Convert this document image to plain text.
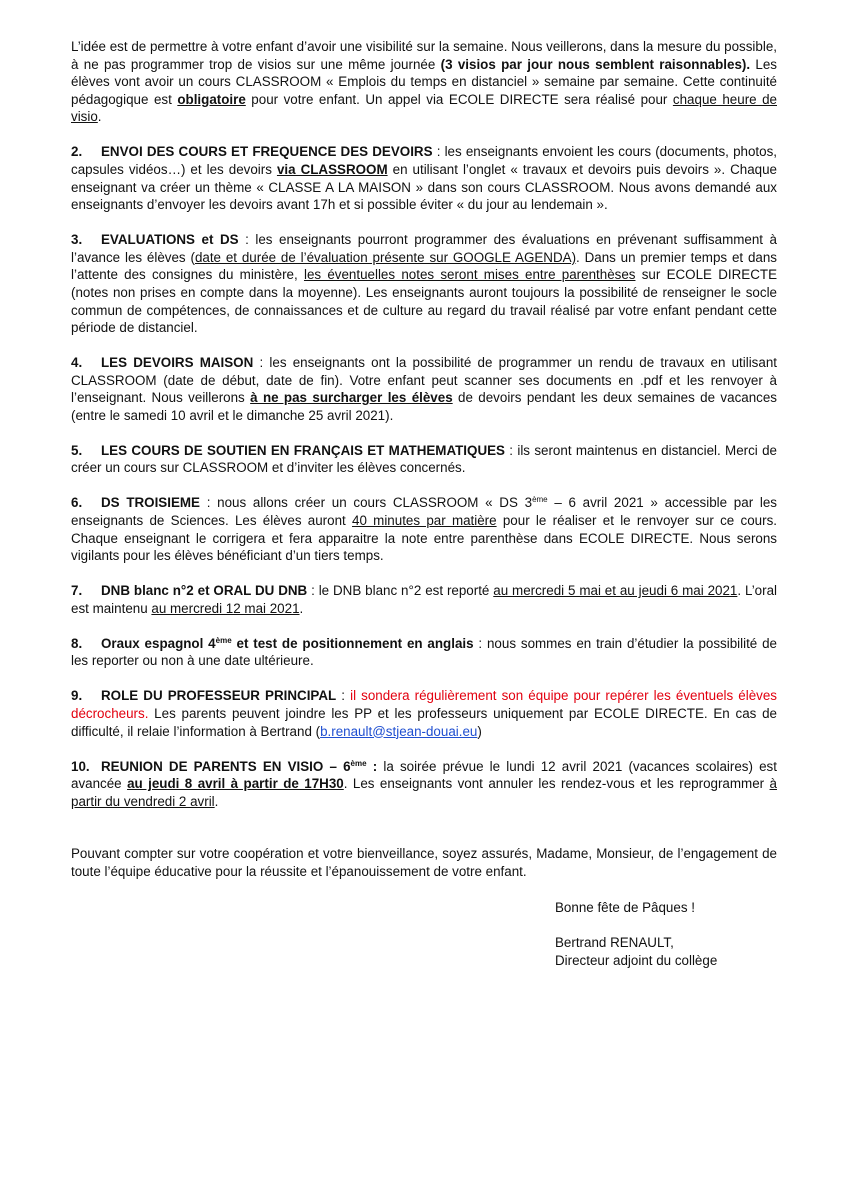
L’idée est de permettre à votre enfant d’avoir une visibilité sur la semaine. Nous veillerons, dans la mesure du possible, à ne pas programmer trop de visios sur une même journée (3 visios par jour nous semblent raisonnables). Les élèves vont avoir un cours CLASSROOM « Emplois du temps en distanciel » semaine par semaine. Cette continuité pédagogique est obligatoire pour votre enfant. Un appel via ECOLE DIRECTE sera réalisé pour chaque heure de visio.

2. ENVOI DES COURS ET FREQUENCE DES DEVOIRS : les enseignants envoient les cours (documents, photos, capsules vidéos…) et les devoirs via CLASSROOM en utilisant l’onglet « travaux et devoirs puis devoirs ». Chaque enseignant va créer un thème « CLASSE A LA MAISON » dans son cours CLASSROOM. Nous avons demandé aux enseignants d’envoyer les devoirs avant 17h et si possible éviter « du jour au lendemain ».

3. EVALUATIONS et DS : les enseignants pourront programmer des évaluations en prévenant suffisamment à l’avance les élèves (date et durée de l’évaluation présente sur GOOGLE AGENDA). Dans un premier temps et dans l’attente des consignes du ministère, les éventuelles notes seront mises entre parenthèses sur ECOLE DIRECTE (notes non prises en compte dans la moyenne). Les enseignants auront toujours la possibilité de renseigner le socle commun de compétences, de connaissances et de culture au regard du travail réalisé par votre enfant pendant cette période de distanciel.

4. LES DEVOIRS MAISON : les enseignants ont la possibilité de programmer un rendu de travaux en utilisant CLASSROOM (date de début, date de fin). Votre enfant peut scanner ses documents en .pdf et les renvoyer à l’enseignant. Nous veillerons à ne pas surcharger les élèves de devoirs pendant les deux semaines de vacances (entre le samedi 10 avril et le dimanche 25 avril 2021).

5. LES COURS DE SOUTIEN EN FRANÇAIS ET MATHEMATIQUES : ils seront maintenus en distanciel. Merci de créer un cours sur CLASSROOM et d’inviter les élèves concernés.

6. DS TROISIEME : nous allons créer un cours CLASSROOM « DS 3ème – 6 avril 2021 » accessible par les enseignants de Sciences. Les élèves auront 40 minutes par matière pour le réaliser et le renvoyer sur ce cours. Chaque enseignant le corrigera et fera apparaitre la note entre parenthèse dans ECOLE DIRECTE. Nous serons vigilants pour les élèves bénéficiant d’un tiers temps.

7. DNB blanc n°2 et ORAL DU DNB : le DNB blanc n°2 est reporté au mercredi 5 mai et au jeudi 6 mai 2021. L’oral est maintenu au mercredi 12 mai 2021.

8. Oraux espagnol 4ème et test de positionnement en anglais : nous sommes en train d’étudier la possibilité de les reporter ou non à une date ultérieure.

9. ROLE DU PROFESSEUR PRINCIPAL : il sondera régulièrement son équipe pour repérer les éventuels élèves décrocheurs. Les parents peuvent joindre les PP et les professeurs uniquement par ECOLE DIRECTE. En cas de difficulté, il relaie l’information à Bertrand (b.renault@stjean-douai.eu)

10. REUNION DE PARENTS EN VISIO – 6ème : la soirée prévue le lundi 12 avril 2021 (vacances scolaires) est avancée au jeudi 8 avril à partir de 17H30. Les enseignants vont annuler les rendez-vous et les reprogrammer à partir du vendredi 2 avril.

Pouvant compter sur votre coopération et votre bienveillance, soyez assurés, Madame, Monsieur, de l’engagement de toute l’équipe éducative pour la réussite et l’épanouissement de votre enfant.

Bonne fête de Pâques !

Bertrand RENAULT,

Directeur adjoint du collège
